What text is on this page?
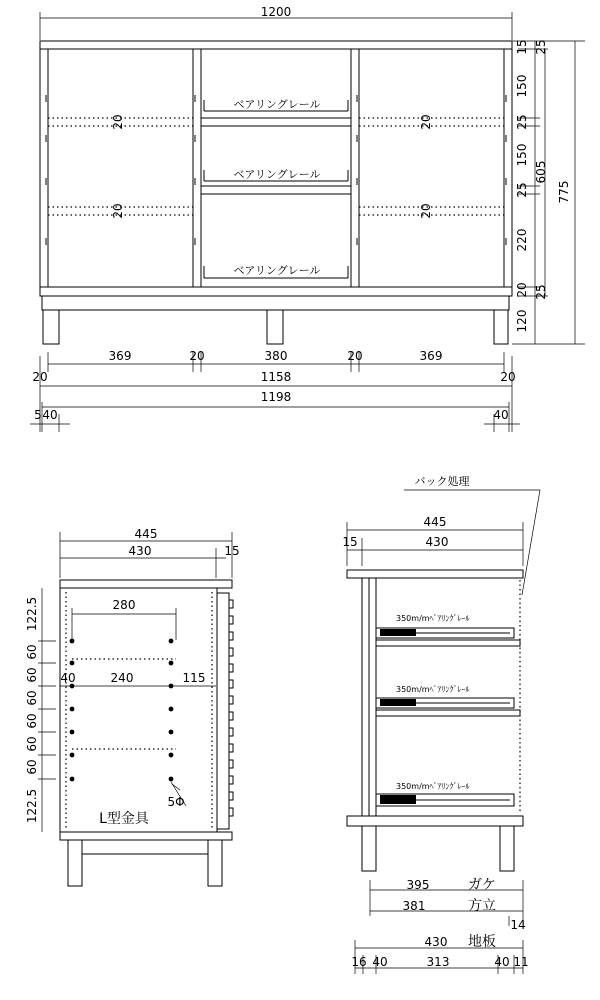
1200
20
20
20
20
ベアリングレール
ベアリングレール
ベアリングレール
15 25
150
25
150
25
605
775
220
20 25
120
369	20	380	20	369
20	1158	20
1198
5 40	40
445
430	15
280
40	240	115
122.5
60
60
60
60
60
60
122.5	5Φ
L型金具
バック処理
445
15	430
350m/mﾍﾞｱﾘﾝｸﾞﾚｰﾙ
350m/mﾍﾞｱﾘﾝｸﾞﾚｰﾙ
350m/mﾍﾞｱﾘﾝｸﾞﾚｰﾙ
395	ガケ
381	方立
14
430 地板
16 40	313	40 11
